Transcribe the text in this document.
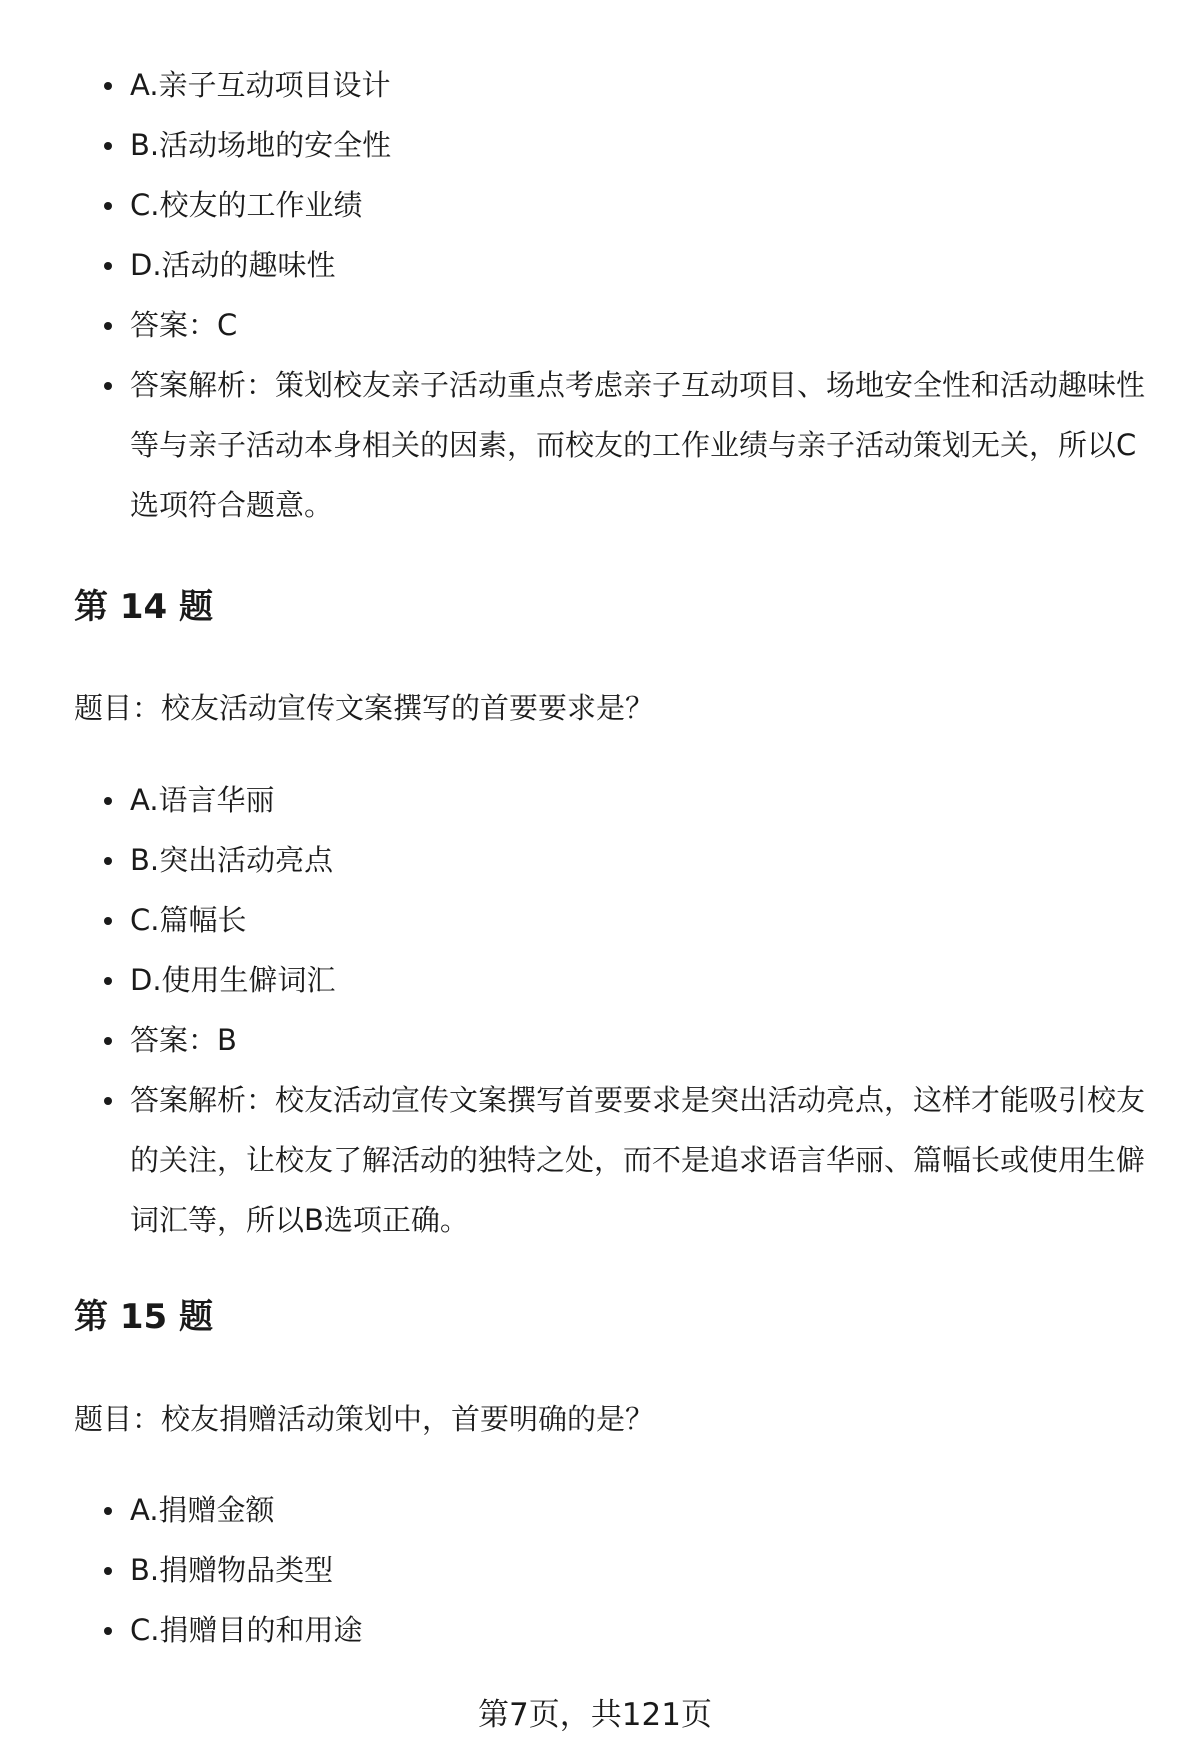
A.亲子互动项目设计
B.活动场地的安全性
C.校友的工作业绩
D.活动的趣味性
答案：C
答案解析：策划校友亲子活动重点考虑亲子互动项目、场地安全性和活动趣味性等与亲子活动本身相关的因素，而校友的工作业绩与亲子活动策划无关，所以C选项符合题意。
第 14 题
题目：校友活动宣传文案撰写的首要要求是？
A.语言华丽
B.突出活动亮点
C.篇幅长
D.使用生僻词汇
答案：B
答案解析：校友活动宣传文案撰写首要要求是突出活动亮点，这样才能吸引校友的关注，让校友了解活动的独特之处，而不是追求语言华丽、篇幅长或使用生僻词汇等，所以B选项正确。
第 15 题
题目：校友捐赠活动策划中，首要明确的是？
A.捐赠金额
B.捐赠物品类型
C.捐赠目的和用途
第7页，共121页
